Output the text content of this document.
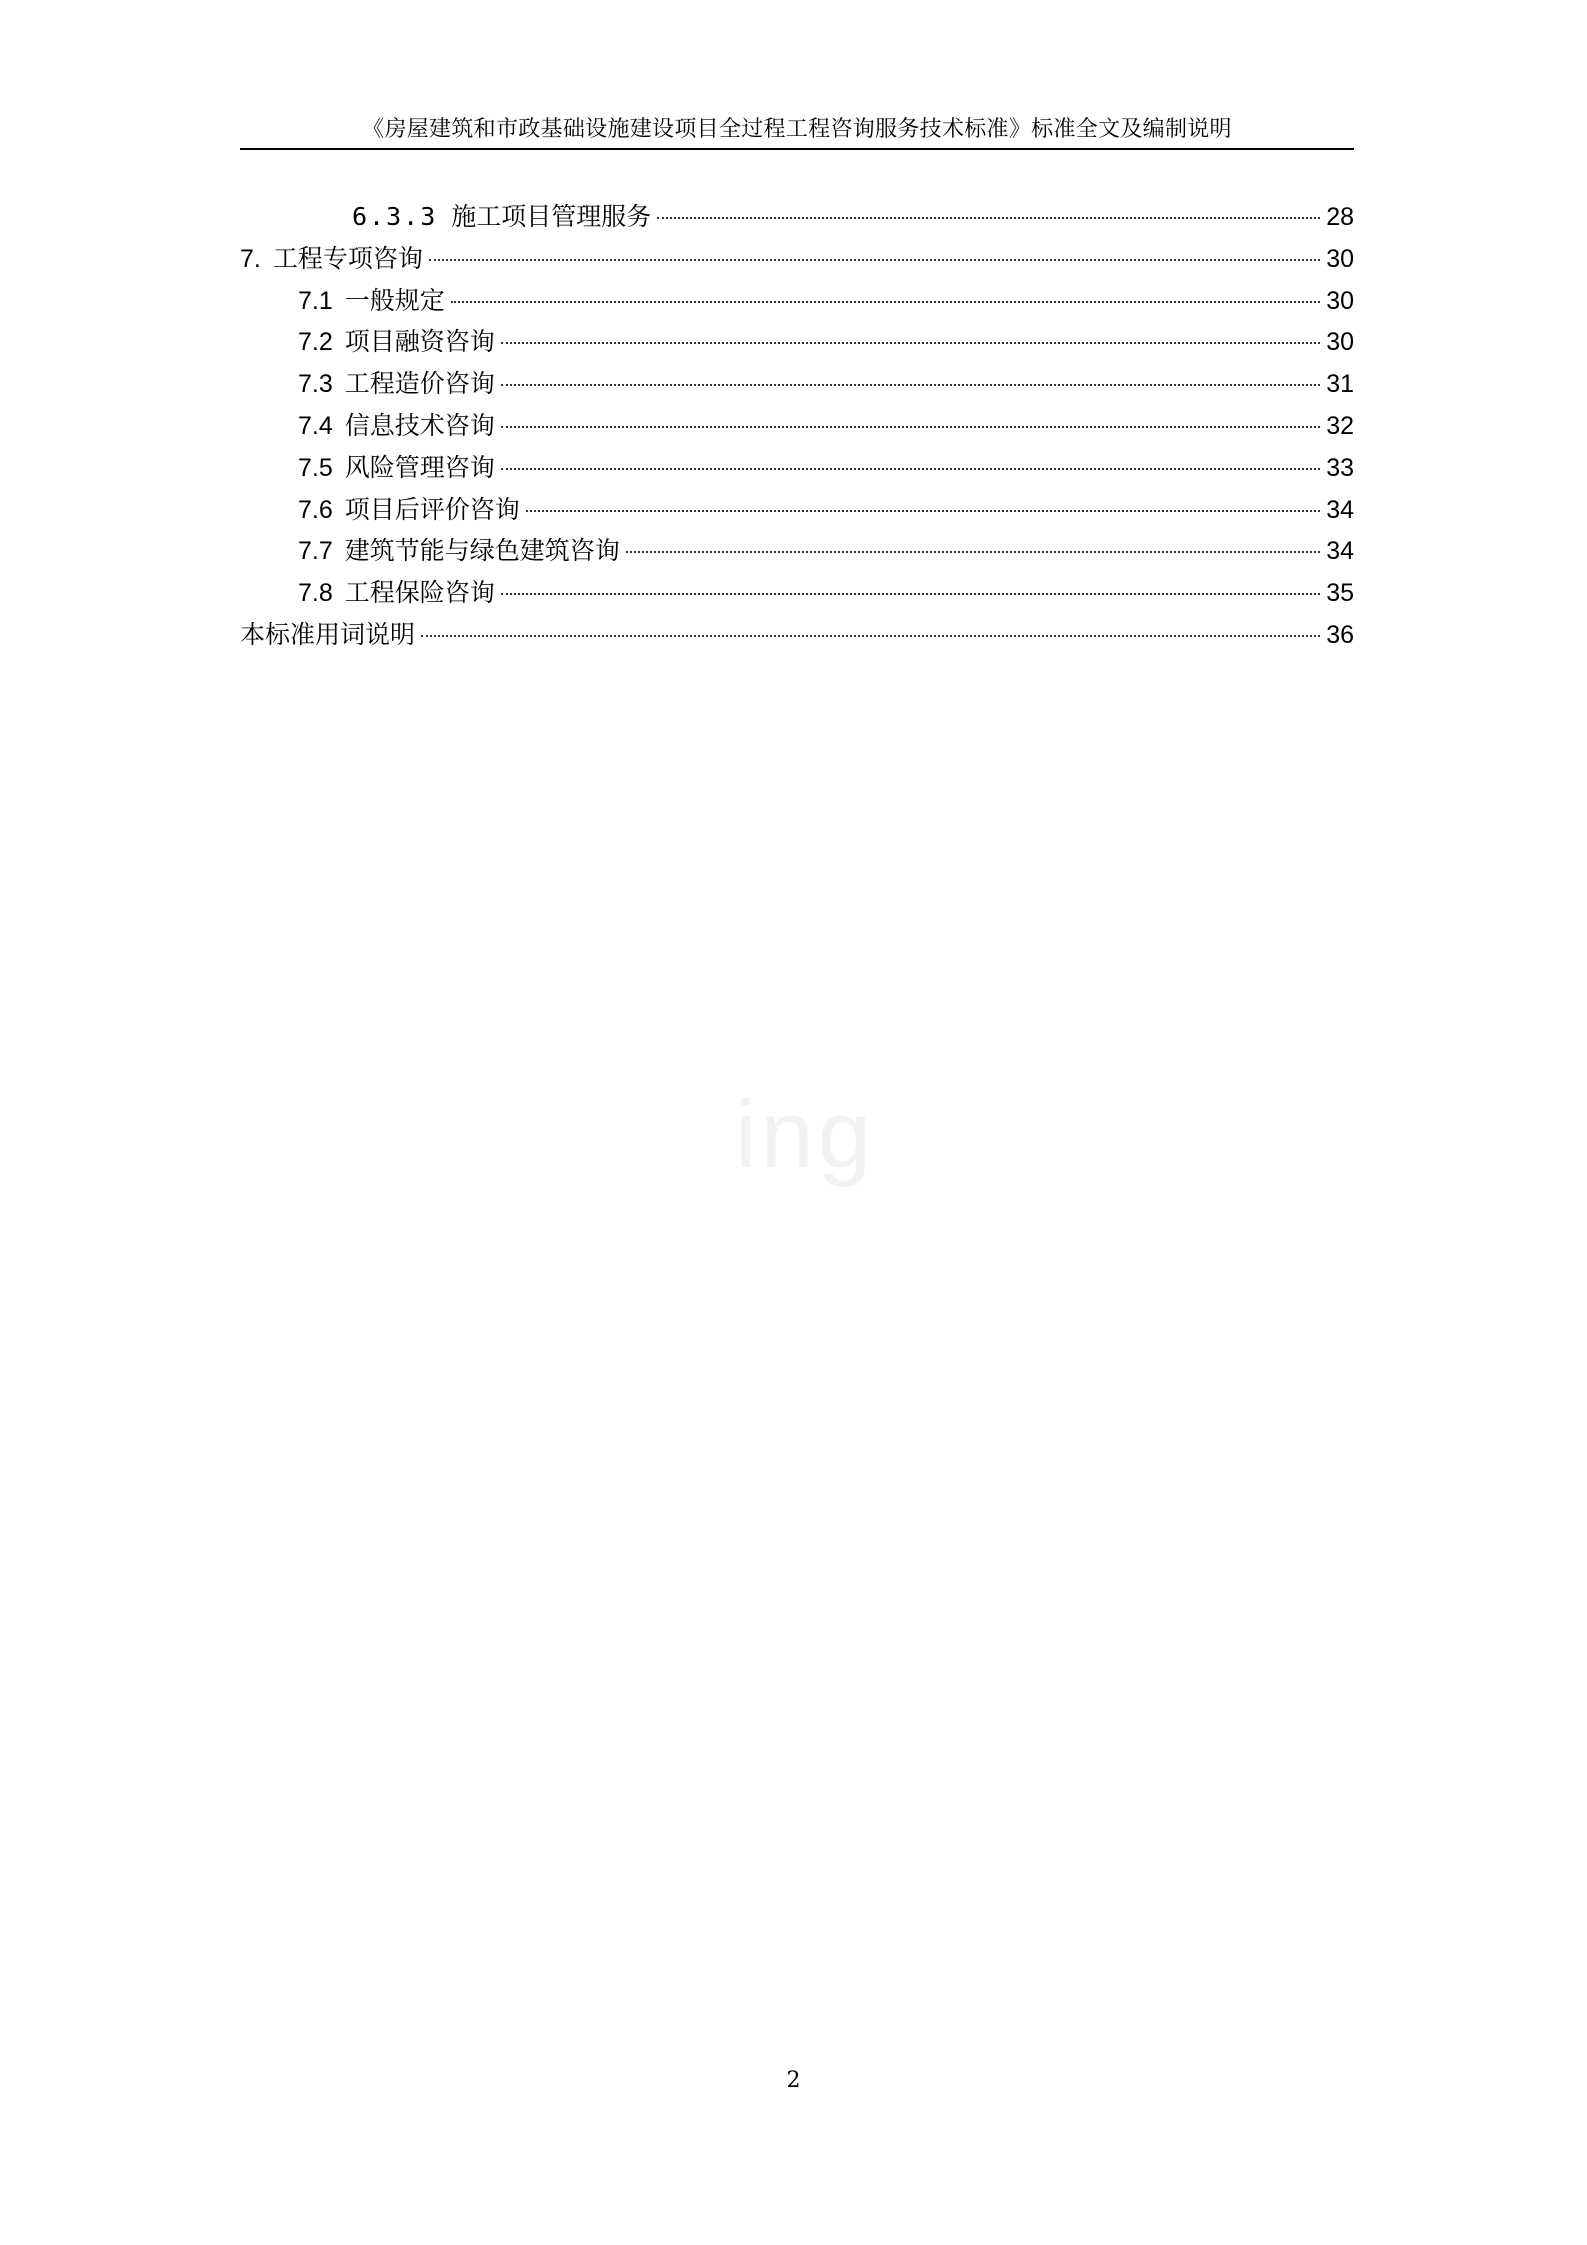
《房屋建筑和市政基础设施建设项目全过程工程咨询服务技术标准》标准全文及编制说明
6.3.3 施工项目管理服务	28
7. 工程专项咨询	30
7.1 一般规定	30
7.2 项目融资咨询	30
7.3 工程造价咨询	31
7.4 信息技术咨询	32
7.5 风险管理咨询	33
7.6 项目后评价咨询	34
7.7 建筑节能与绿色建筑咨询	34
7.8 工程保险咨询	35
本标准用词说明	36
ing
2
